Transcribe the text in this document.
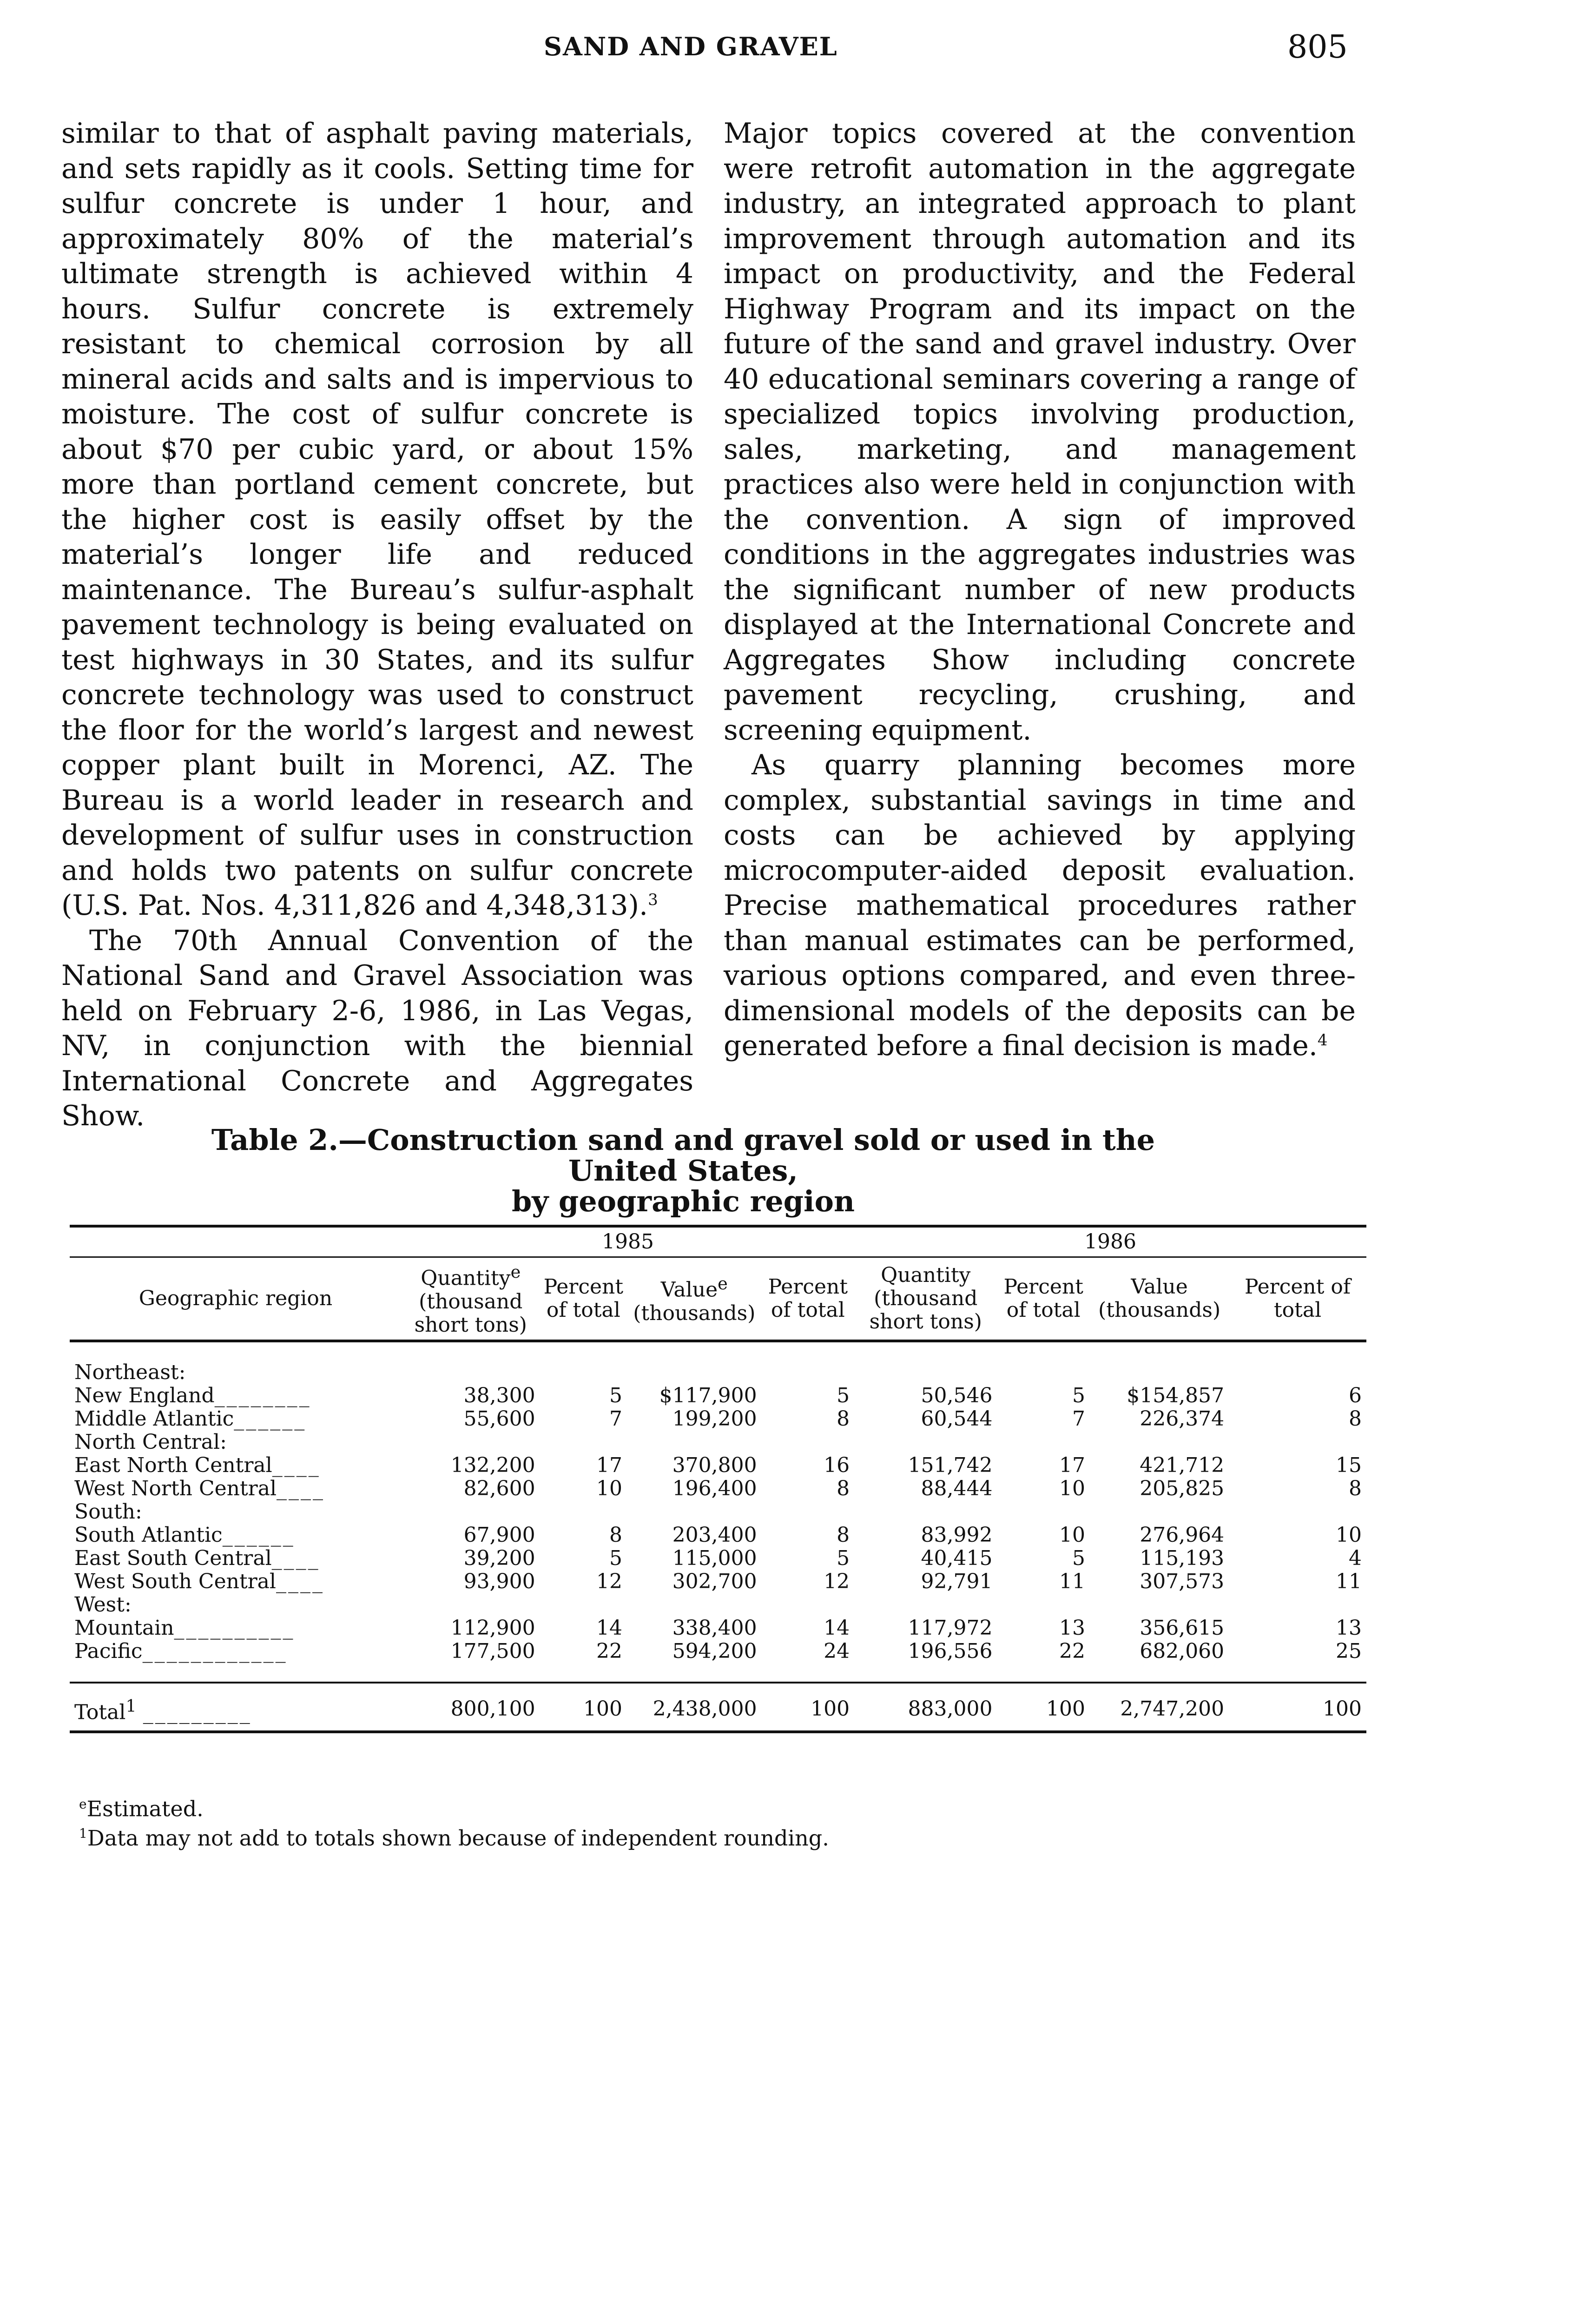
SAND AND GRAVEL	805

similar to that of asphalt paving materials, and sets rapidly as it cools. Setting time for sulfur concrete is under 1 hour, and approximately 80% of the material’s ultimate strength is achieved within 4 hours. Sulfur concrete is extremely resistant to chemical corrosion by all mineral acids and salts and is impervious to moisture. The cost of sulfur concrete is about $70 per cubic yard, or about 15% more than portland cement concrete, but the higher cost is easily offset by the material’s longer life and reduced maintenance. The Bureau’s sulfur-asphalt pavement technology is being evaluated on test highways in 30 States, and its sulfur concrete technology was used to construct the floor for the world’s largest and newest copper plant built in Morenci, AZ. The Bureau is a world leader in research and development of sulfur uses in construction and holds two patents on sulfur concrete (U.S. Pat. Nos. 4,311,826 and 4,348,313).$^3$

The 70th Annual Convention of the National Sand and Gravel Association was held on February 2-6, 1986, in Las Vegas, NV, in conjunction with the biennial International Concrete and Aggregates Show.

Major topics covered at the convention were retrofit automation in the aggregate industry, an integrated approach to plant improvement through automation and its impact on productivity, and the Federal Highway Program and its impact on the future of the sand and gravel industry. Over 40 educational seminars covering a range of specialized topics involving production, sales, marketing, and management practices also were held in conjunction with the convention. A sign of improved conditions in the aggregates industries was the significant number of new products displayed at the International Concrete and Aggregates Show including concrete pavement recycling, crushing, and screening equipment.

As quarry planning becomes more complex, substantial savings in time and costs can be achieved by applying microcomputer-aided deposit evaluation. Precise mathematical procedures rather than manual estimates can be performed, various options compared, and even three-dimensional models of the deposits can be generated before a final decision is made.$^4$

Table 2.—Construction sand and gravel sold or used in the United States,
by geographic region
	1985				1986			
Geographic region	Quantity$^e$ (thousand short tons)	Percent of total	Value$^e$ (thousands)	Percent of total	Quantity (thousand short tons)	Percent of total	Value (thousands)	Percent of total

Northeast:								
New England________	38,300	5	$117,900	5	50,546	5	$154,857	6
Middle Atlantic______	55,600	7	199,200	8	60,544	7	226,374	8
North Central:								
East North Central____	132,200	17	370,800	16	151,742	17	421,712	15
West North Central____	82,600	10	196,400	8	88,444	10	205,825	8
South:								
South Atlantic______	67,900	8	203,400	8	83,992	10	276,964	10
East South Central____	39,200	5	115,000	5	40,415	5	115,193	4
West South Central____	93,900	12	302,700	12	92,791	11	307,573	11
West:								
Mountain__________	112,900	14	338,400	14	117,972	13	356,615	13
Pacific____________	177,500	22	594,200	24	196,556	22	682,060	25

Total$^1$ _________	800,100	100	2,438,000	100	883,000	100	2,747,200	100
$^e$Estimated.
$^1$Data may not add to totals shown because of independent rounding.
